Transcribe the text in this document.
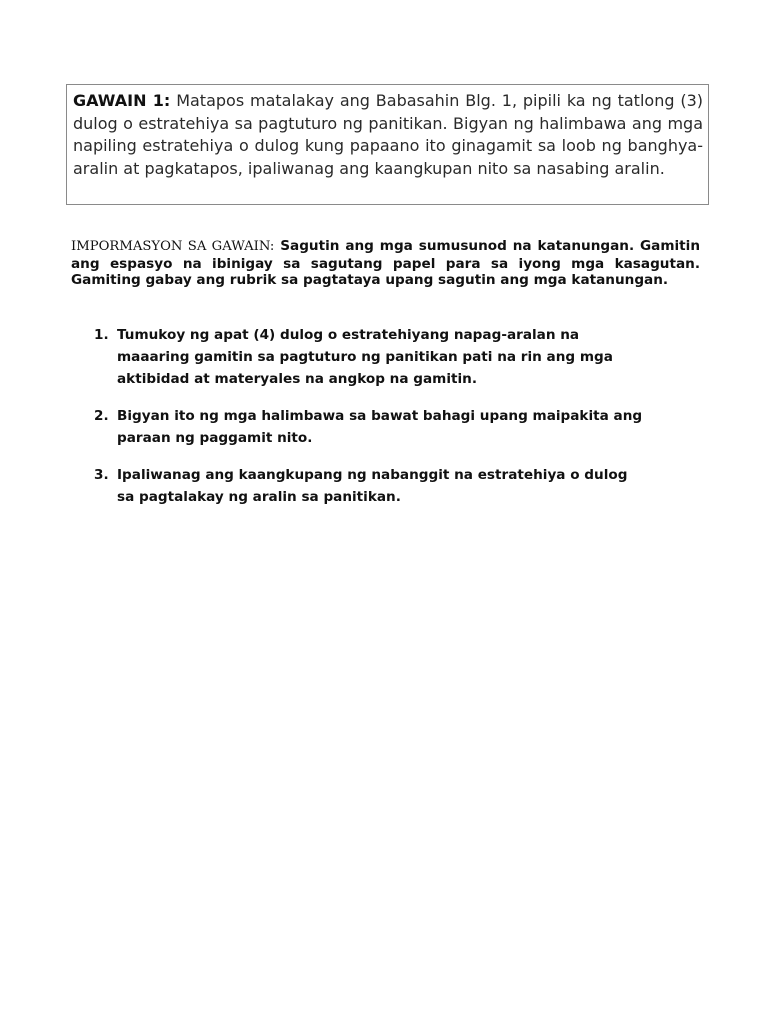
GAWAIN 1: Matapos matalakay ang Babasahin Blg. 1, pipili ka ng tatlong (3) dulog o estratehiya sa pagtuturo ng panitikan. Bigyan ng halimbawa ang mga napiling estratehiya o dulog kung papaano ito ginagamit sa loob ng banghya-aralin at pagkatapos, ipaliwanag ang kaangkupan nito sa nasabing aralin.
IMPORMASYON SA GAWAIN: Sagutin ang mga sumusunod na katanungan. Gamitin ang espasyo na ibinigay sa sagutang papel para sa iyong mga kasagutan. Gamiting gabay ang rubrik sa pagtataya upang sagutin ang mga katanungan.
1. Tumukoy ng apat (4) dulog o estratehiyang napag-aralan na
maaaring gamitin sa pagtuturo ng panitikan pati na rin ang mga
aktibidad at materyales na angkop na gamitin.
2. Bigyan ito ng mga halimbawa sa bawat bahagi upang maipakita ang
paraan ng paggamit nito.
3. Ipaliwanag ang kaangkupang ng nabanggit na estratehiya o dulog
sa pagtalakay ng aralin sa panitikan.
